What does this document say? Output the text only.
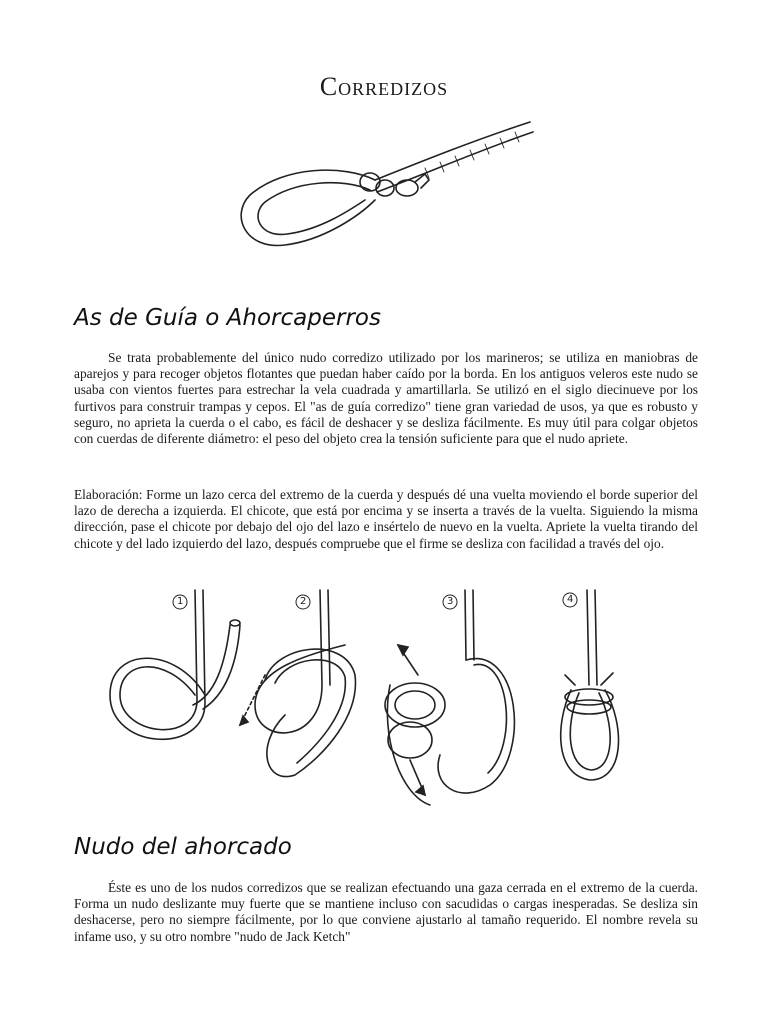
Corredizos
As de Guía o Ahorcaperros

Se trata probablemente del único nudo corredizo utilizado por los marineros; se utiliza en maniobras de aparejos y para recoger objetos flotantes que puedan haber caído por la borda. En los antiguos veleros este nudo se usaba con vientos fuertes para estrechar la vela cuadrada y amartillarla. Se utilizó en el siglo diecinueve por los furtivos para construir trampas y cepos. El "as de guía corredizo" tiene gran variedad de usos, ya que es robusto y seguro, no aprieta la cuerda o el cabo, es fácil de deshacer y se desliza fácilmente. Es muy útil para colgar objetos con cuerdas de diferente diámetro: el peso del objeto crea la tensión suficiente para que el nudo apriete.

Elaboración: Forme un lazo cerca del extremo de la cuerda y después dé una vuelta moviendo el borde superior del lazo de derecha a izquierda. El chicote, que está por encima y se inserta a través de la vuelta. Siguiendo la misma dirección, pase el chicote por debajo del ojo del lazo e insértelo de nuevo en la vuelta. Apriete la vuelta tirando del chicote y del lado izquierdo del lazo, después compruebe que el firme se desliza con facilidad a través del ojo.

1	2	3	4
Nudo del ahorcado

Éste es uno de los nudos corredizos que se realizan efectuando una gaza cerrada en el extremo de la cuerda. Forma un nudo deslizante muy fuerte que se mantiene incluso con sacudidas o cargas inesperadas. Se desliza sin deshacerse, pero no siempre fácilmente, por lo que conviene ajustarlo al tamaño requerido. El nombre revela su infame uso, y su otro nombre "nudo de Jack Ketch"
